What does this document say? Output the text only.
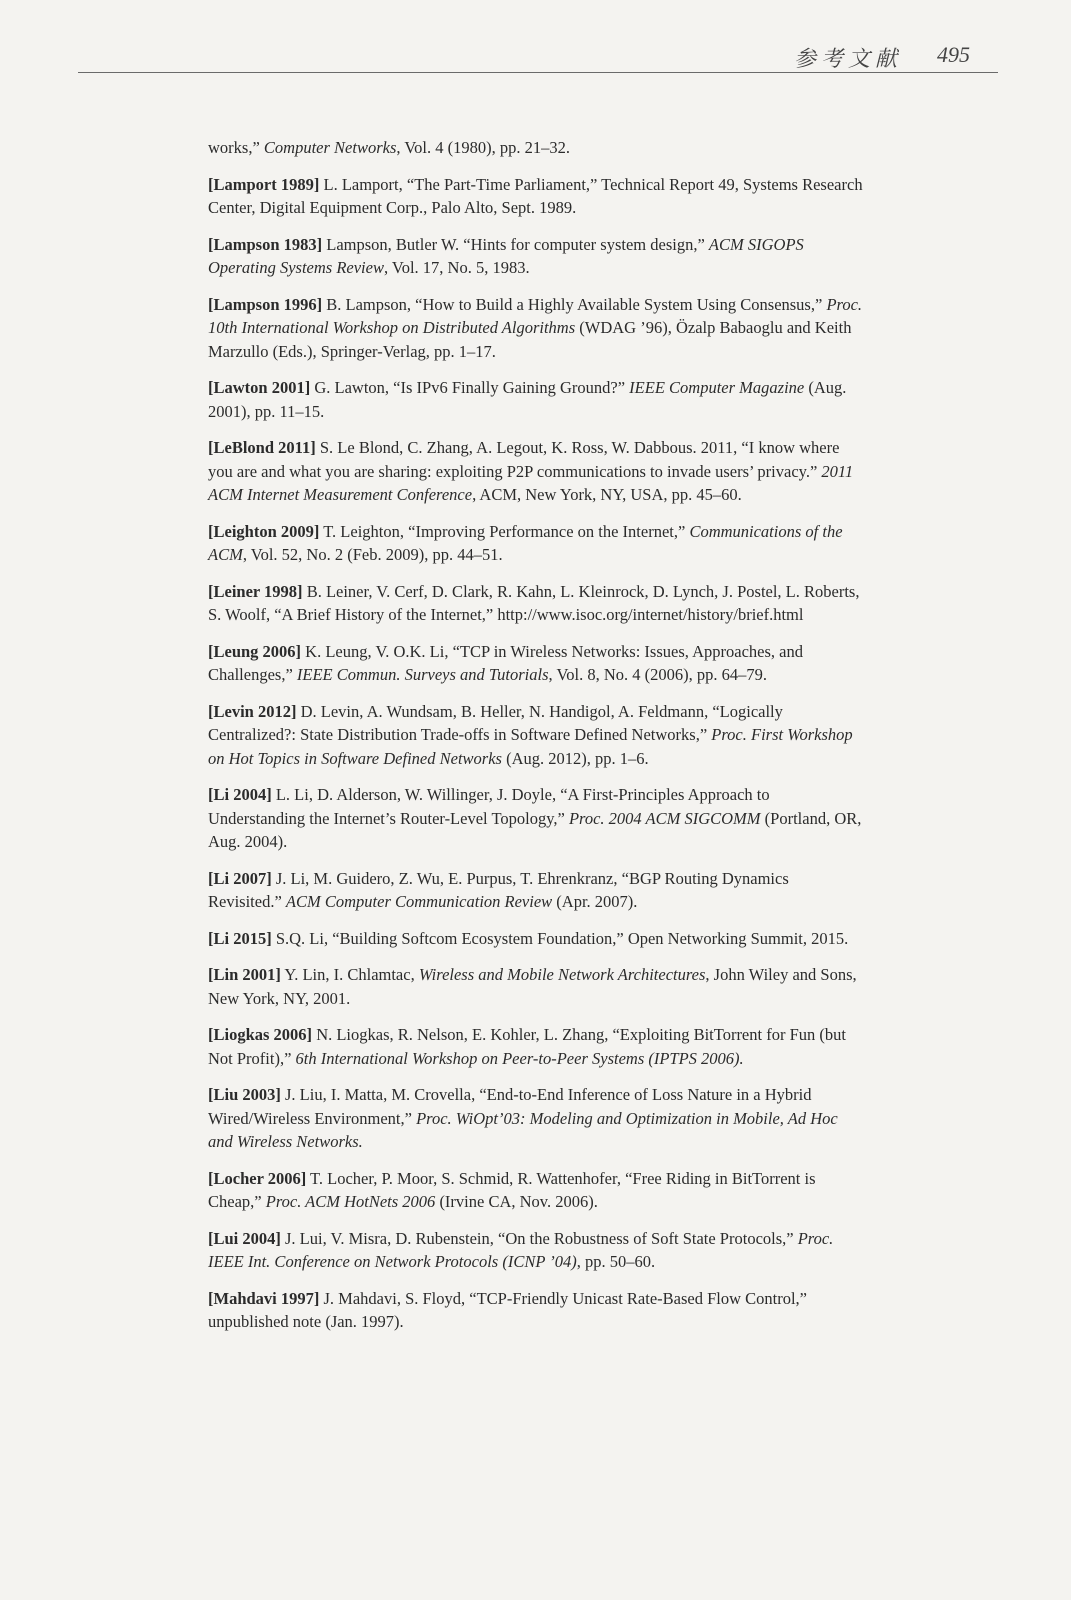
参考文献 495

works,” Computer Networks, Vol. 4 (1980), pp. 21–32.

[Lamport 1989] L. Lamport, “The Part-Time Parliament,” Technical Report 49, Systems Research Center, Digital Equipment Corp., Palo Alto, Sept. 1989.

[Lampson 1983] Lampson, Butler W. “Hints for computer system design,” ACM SIGOPS Operating Systems Review, Vol. 17, No. 5, 1983.

[Lampson 1996] B. Lampson, “How to Build a Highly Available System Using Consensus,” Proc. 10th International Workshop on Distributed Algorithms (WDAG ’96), Özalp Babaoglu and Keith Marzullo (Eds.), Springer-Verlag, pp. 1–17.

[Lawton 2001] G. Lawton, “Is IPv6 Finally Gaining Ground?” IEEE Computer Magazine (Aug. 2001), pp. 11–15.

[LeBlond 2011] S. Le Blond, C. Zhang, A. Legout, K. Ross, W. Dabbous. 2011, “I know where you are and what you are sharing: exploiting P2P communications to invade users’ privacy.” 2011 ACM Internet Measurement Conference, ACM, New York, NY, USA, pp. 45–60.

[Leighton 2009] T. Leighton, “Improving Performance on the Internet,” Communications of the ACM, Vol. 52, No. 2 (Feb. 2009), pp. 44–51.

[Leiner 1998] B. Leiner, V. Cerf, D. Clark, R. Kahn, L. Kleinrock, D. Lynch, J. Postel, L. Roberts, S. Woolf, “A Brief History of the Internet,” http://www.isoc.org/internet/history/brief.html

[Leung 2006] K. Leung, V. O.K. Li, “TCP in Wireless Networks: Issues, Approaches, and Challenges,” IEEE Commun. Surveys and Tutorials, Vol. 8, No. 4 (2006), pp. 64–79.

[Levin 2012] D. Levin, A. Wundsam, B. Heller, N. Handigol, A. Feldmann, “Logically Centralized?: State Distribution Trade-offs in Software Defined Networks,” Proc. First Workshop on Hot Topics in Software Defined Networks (Aug. 2012), pp. 1–6.

[Li 2004] L. Li, D. Alderson, W. Willinger, J. Doyle, “A First-Principles Approach to Understanding the Internet’s Router-Level Topology,” Proc. 2004 ACM SIGCOMM (Portland, OR, Aug. 2004).

[Li 2007] J. Li, M. Guidero, Z. Wu, E. Purpus, T. Ehrenkranz, “BGP Routing Dynamics Revisited.” ACM Computer Communication Review (Apr. 2007).

[Li 2015] S.Q. Li, “Building Softcom Ecosystem Foundation,” Open Networking Summit, 2015.

[Lin 2001] Y. Lin, I. Chlamtac, Wireless and Mobile Network Architectures, John Wiley and Sons, New York, NY, 2001.

[Liogkas 2006] N. Liogkas, R. Nelson, E. Kohler, L. Zhang, “Exploiting BitTorrent for Fun (but Not Profit),” 6th International Workshop on Peer-to-Peer Systems (IPTPS 2006).

[Liu 2003] J. Liu, I. Matta, M. Crovella, “End-to-End Inference of Loss Nature in a Hybrid Wired/Wireless Environment,” Proc. WiOpt’03: Modeling and Optimization in Mobile, Ad Hoc and Wireless Networks.

[Locher 2006] T. Locher, P. Moor, S. Schmid, R. Wattenhofer, “Free Riding in BitTorrent is Cheap,” Proc. ACM HotNets 2006 (Irvine CA, Nov. 2006).

[Lui 2004] J. Lui, V. Misra, D. Rubenstein, “On the Robustness of Soft State Protocols,” Proc. IEEE Int. Conference on Network Protocols (ICNP ’04), pp. 50–60.

[Mahdavi 1997] J. Mahdavi, S. Floyd, “TCP-Friendly Unicast Rate-Based Flow Control,” unpublished note (Jan. 1997).
